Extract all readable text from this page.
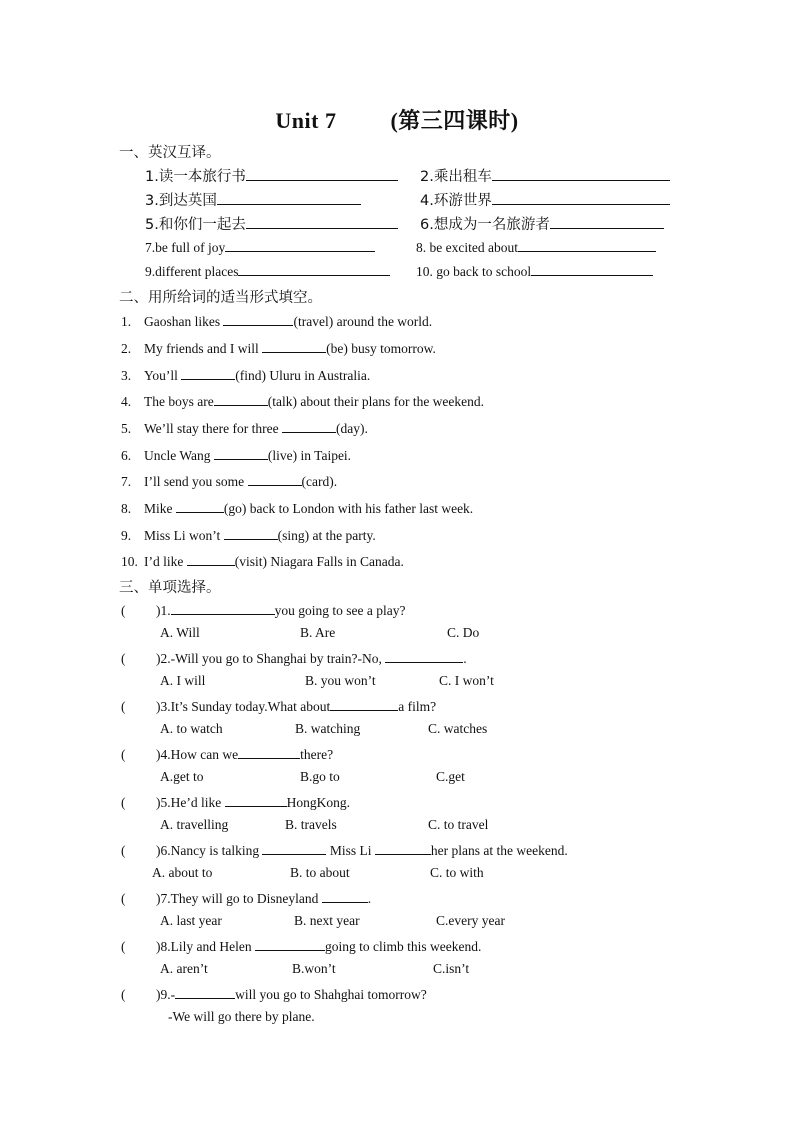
Unit 7 (第三四课时)
一、英汉互译。
1.读一本旅行书	2.乘出租车
3.到达英国	4.环游世界
5.和你们一起去	6.想成为一名旅游者
7.be full of joy	8. be excited about
9.different places	10. go back to school
二、用所给词的适当形式填空。
1. Gaoshan likes	(travel) around the world.
2. My friends and I will	(be) busy tomorrow.
3. You’ll	(find) Uluru in Australia.
4. The boys are	(talk) about their plans for the weekend.
5. We’ll stay there for three	(day).
6. Uncle Wang	(live) in Taipei.
7. I’ll send you some	(card).
8. Mike	(go) back to London with his father last week.
9. Miss Li won’t	(sing) at the party.
10. I’d like	(visit) Niagara Falls in Canada.
三、单项选择。
( )1.	you going to see a play?
A. Will	B. Are	C. Do
( )2.-Will you go to Shanghai by train?-No,	.
A. I will	B. you won’t	C. I won’t
( )3.It’s Sunday today.What about	a film?
A. to watch	B. watching	C. watches
( )4.How can we	there?
A.get to	B.go to	C.get
( )5.He’d like	HongKong.
A. travelling	B. travels	C. to travel
( )6.Nancy is talking	Miss Li	her plans at the weekend.
A. about to	B. to about	C. to with
( )7.They will go to Disneyland	.
A. last year	B. next year	C.every year
( )8.Lily and Helen	going to climb this weekend.
A. aren’t	B.won’t	C.isn’t
( )9.-	will you go to Shahghai tomorrow?
-We will go there by plane.
